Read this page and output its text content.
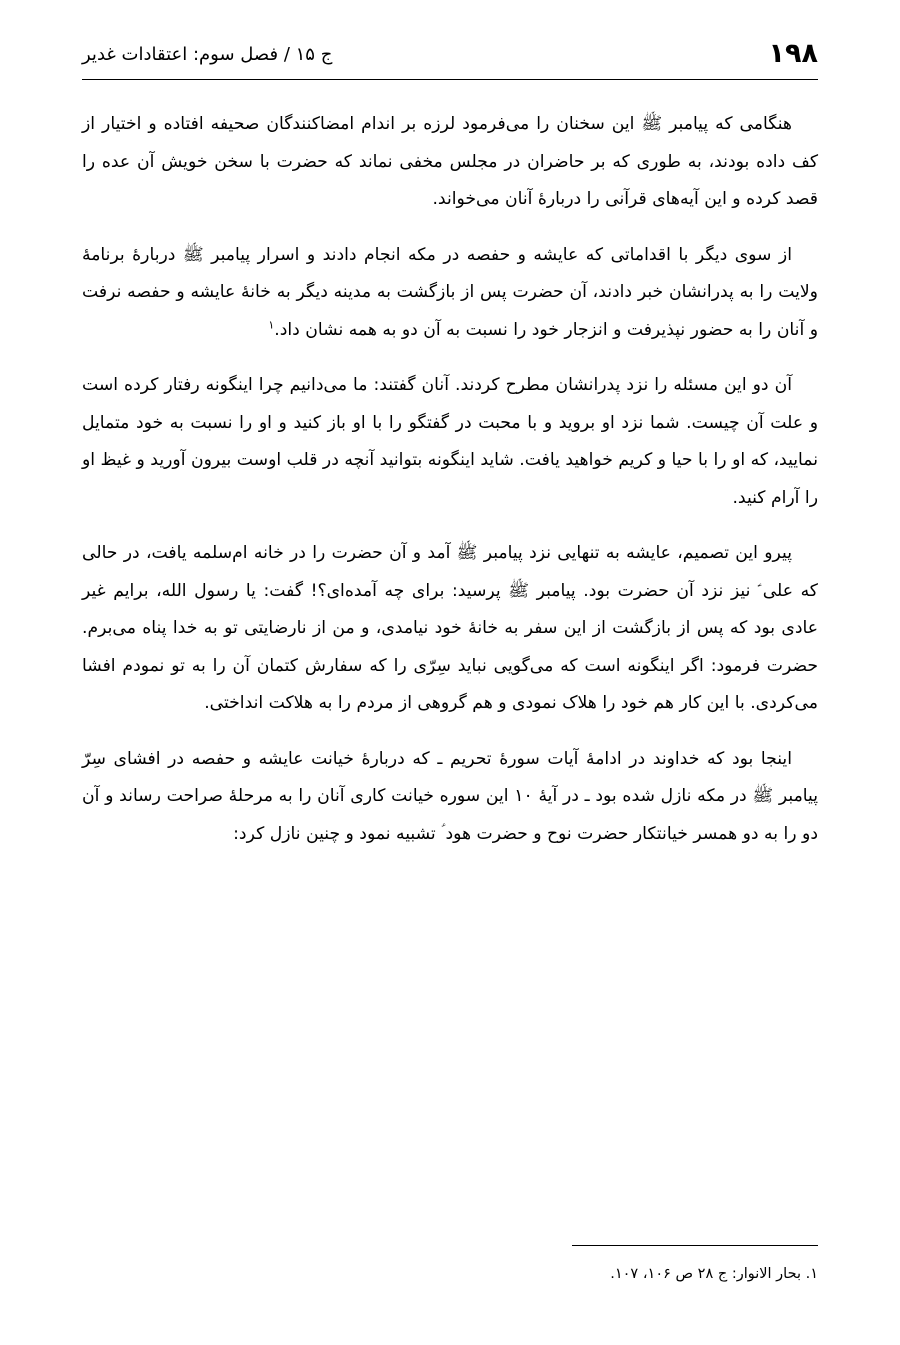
۱۹۸
ج ۱۵ / فصل سوم: اعتقادات غدیر

هنگامی که پیامبر ﷺ این سخنان را می‌فرمود لرزه بر اندام امضاکنندگان صحیفه افتاده و اختیار از کف داده بودند، به طوری که بر حاضران در مجلس مخفی نماند که حضرت با سخن خویش آن عده را قصد کرده و این آیه‌های قرآنی را دربارۀ آنان می‌خواند.

از سوی دیگر با اقداماتی که عایشه و حفصه در مکه انجام دادند و اسرار پیامبر ﷺ دربارۀ برنامۀ ولایت را به پدرانشان خبر دادند، آن حضرت پس از بازگشت به مدینه دیگر به خانۀ عایشه و حفصه نرفت و آنان را به حضور نپذیرفت و انزجار خود را نسبت به آن دو به همه نشان داد.$^۱$

آن دو این مسئله را نزد پدرانشان مطرح کردند. آنان گفتند: ما می‌دانیم چرا اینگونه رفتار کرده است و علت آن چیست. شما نزد او بروید و با محبت در گفتگو را با او باز کنید و او را نسبت به خود متمایل نمایید، که او را با حیا و کریم خواهید یافت. شاید اینگونه بتوانید آنچه در قلب اوست بیرون آورید و غیظ او را آرام کنید.

پیرو این تصمیم، عایشه به تنهایی نزد پیامبر ﷺ آمد و آن حضرت را در خانه ام‌سلمه یافت، در حالی که علی ؑ نیز نزد آن حضرت بود. پیامبر ﷺ پرسید: برای چه آمده‌ای؟! گفت: یا رسول الله، برایم غیر عادی بود که پس از بازگشت از این سفر به خانۀ خود نیامدی، و من از نارضایتی تو به خدا پناه می‌برم. حضرت فرمود: اگر اینگونه است که می‌گویی نباید سِرّی را که سفارش کتمان آن را به تو نمودم افشا می‌کردی. با این کار هم خود را هلاک نمودی و هم گروهی از مردم را به هلاکت انداختی.

اینجا بود که خداوند در ادامۀ آیات سورۀ تحریم ـ که دربارۀ خیانت عایشه و حفصه در افشای سِرّ پیامبر ﷺ در مکه نازل شده بود ـ در آیۀ ۱۰ این سوره خیانت کاری آنان را به مرحلۀ صراحت رساند و آن دو را به دو همسر خیانتکار حضرت نوح و حضرت هود ؑ تشبیه نمود و چنین نازل کرد:

۱. بحار الانوار: ج ۲۸ ص ۱۰۶، ۱۰۷.
